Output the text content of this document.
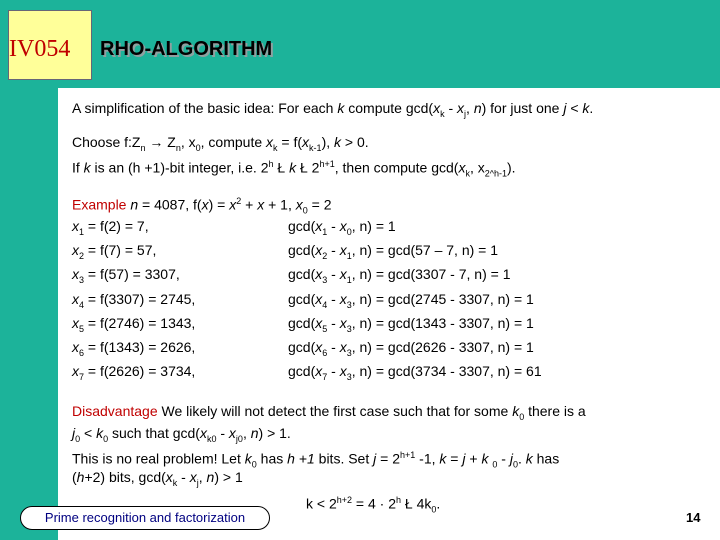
IV054 RHO-ALGORITHM
A simplification of the basic idea: For each k compute $\gcd(x_k - x_j$, n) for just one j < k.
Choose $f:Z_n \to Z_n$, $x_0$, compute $x_k = f(x_{k-1})$, k > 0.
If k is an (h +1)-bit integer, i.e. 2$^h$ Ł k Ł $2^{h+1}$, then compute $\gcd(x_k$, $x_{2\^{}h-1}$).
Example n = 4087, $f(x) = x^2 + x + 1$, $x_0 = 2$
$x_1 = f(2) = 7$,	$\gcd(x_1 - x_0$, n) = 1
$x_2 = f(7) = 57$,	$\gcd(x_2 - x_1$, n) = gcd(57 – 7, n) = 1
$x_3 = f(57) = 3307$,	$\gcd(x_3 - x_1$, n) = gcd(3307 - 7, n) = 1
$x_4 = f(3307) = 2745$,	$\gcd(x_4 - x_3$, n) = gcd(2745 - 3307, n) = 1
$x_5 = f(2746) = 1343$,	$\gcd(x_5 - x_3$, n) = gcd(1343 - 3307, n) = 1
$x_6 = f(1343) = 2626$,	$\gcd(x_6 - x_3$, n) = gcd(2626 - 3307, n) = 1
$x_7 = f(2626) = 3734$,	$\gcd(x_7 - x_3$, n) = gcd(3734 - 3307, n) = 61
Disadvantage We likely will not detect the first case such that for some $k_0$ there is a
$j_0 < k_0$ such that $\gcd(x_{k0} - x_{j0}$, n) > 1.
This is no real problem! Let $k_0$ has h +1 bits. Set $j = 2^{h+1}$ -1, k = j + k $_0 - j_0$. k has
(h+2) bits, $\gcd(x_k - x_j$, n) > 1
$k < 2^{h+2} = 4 \cdot 2^h$ Ł $4k_0$.
Prime recognition and factorization	14
